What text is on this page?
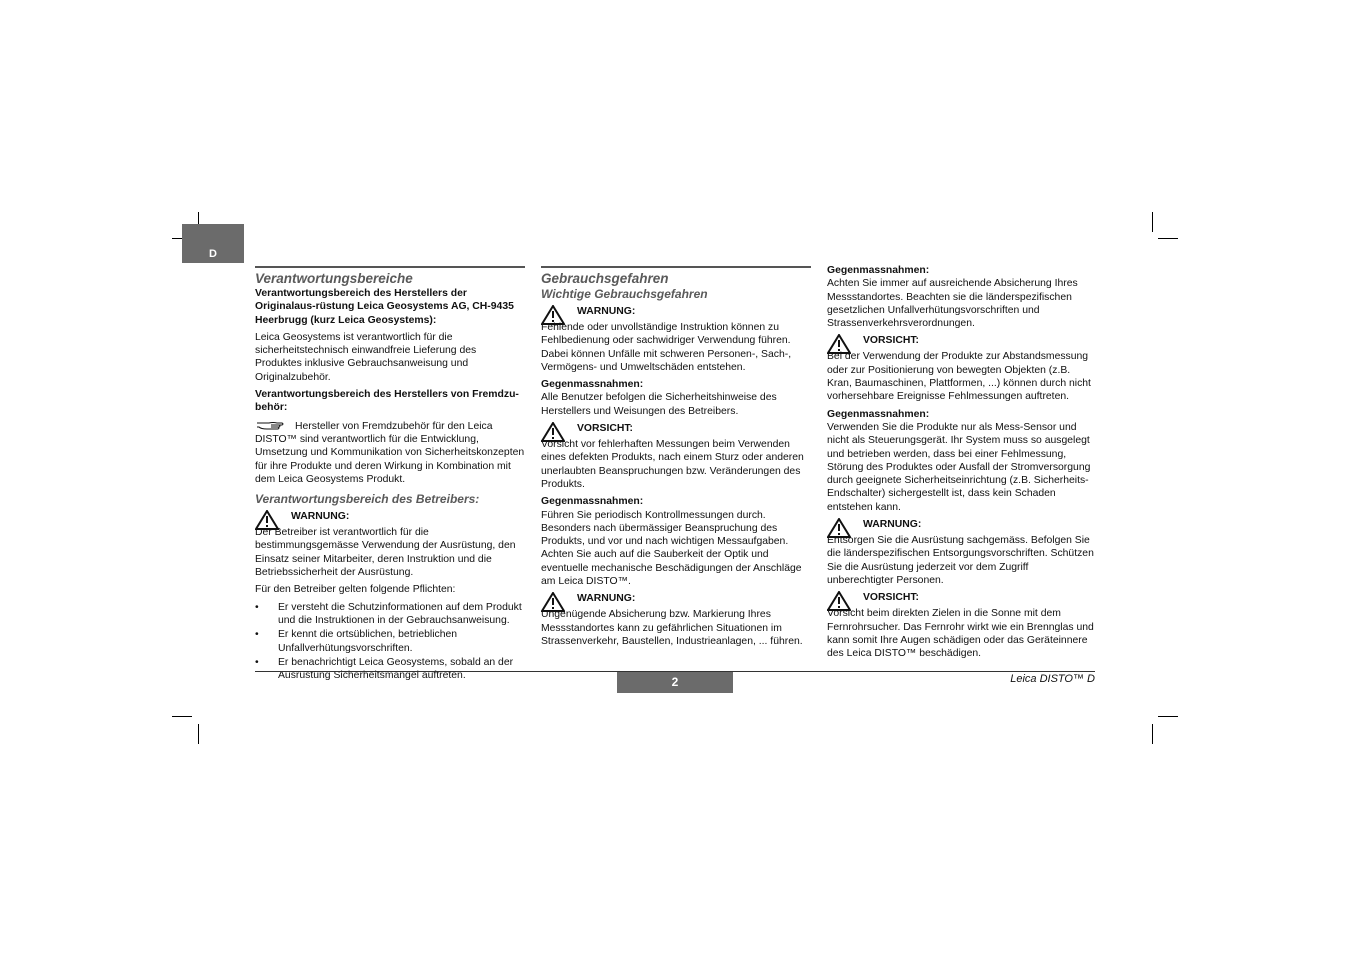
D
Verantwortungsbereiche

Verantwortungsbereich des Herstellers der Originalaus-rüstung Leica Geosystems AG, CH-9435 Heerbrugg (kurz Leica Geosystems):

Leica Geosystems ist verantwortlich für die sicherheitstechnisch einwandfreie Lieferung des Produktes inklusive Gebrauchsanweisung und Originalzubehör.

Verantwortungsbereich des Herstellers von Fremdzu-behör:

Hersteller von Fremdzubehör für den Leica DISTO™ sind verantwortlich für die Entwicklung, Umsetzung und Kommunikation von Sicherheitskonzepten für ihre Produkte und deren Wirkung in Kombination mit dem Leica Geosystems Produkt.

Verantwortungsbereich des Betreibers:
WARNUNG:
Der Betreiber ist verantwortlich für die bestimmungsgemässe Verwendung der Ausrüstung, den Einsatz seiner Mitarbeiter, deren Instruktion und die Betriebssicherheit der Ausrüstung.

Für den Betreiber gelten folgende Pflichten:

• Er versteht die Schutzinformationen auf dem Produkt und die Instruktionen in der Gebrauchsanweisung.
• Er kennt die ortsüblichen, betrieblichen Unfallverhütungsvorschriften.
• Er benachrichtigt Leica Geosystems, sobald an der Ausrüstung Sicherheitsmängel auftreten.
Gebrauchsgefahren
Wichtige Gebrauchsgefahren
WARNUNG:
Fehlende oder unvollständige Instruktion können zu Fehlbedienung oder sachwidriger Verwendung führen. Dabei können Unfälle mit schweren Personen-, Sach-, Vermögens- und Umweltschäden entstehen.

Gegenmassnahmen:

Alle Benutzer befolgen die Sicherheitshinweise des Herstellers und Weisungen des Betreibers.

VORSICHT:
Vorsicht vor fehlerhaften Messungen beim Verwenden eines defekten Produkts, nach einem Sturz oder anderen unerlaubten Beanspruchungen bzw. Veränderungen des Produkts.

Gegenmassnahmen:

Führen Sie periodisch Kontrollmessungen durch. Besonders nach übermässiger Beanspruchung des Produkts, und vor und nach wichtigen Messaufgaben.

Achten Sie auch auf die Sauberkeit der Optik und eventuelle mechanische Beschädigungen der Anschläge am Leica DISTO™.

WARNUNG:
Ungenügende Absicherung bzw. Markierung Ihres Messstandortes kann zu gefährlichen Situationen im Strassenverkehr, Baustellen, Industrieanlagen, ... führen.

Gegenmassnahmen:

Achten Sie immer auf ausreichende Absicherung Ihres Messstandortes. Beachten sie die länderspezifischen gesetzlichen Unfallverhütungsvorschriften und Strassenverkehrsverordnungen.

VORSICHT:
Bei der Verwendung der Produkte zur Abstandsmessung oder zur Positionierung von bewegten Objekten (z.B. Kran, Baumaschinen, Plattformen, ...) können durch nicht vorhersehbare Ereignisse Fehlmessungen auftreten.

Gegenmassnahmen:

Verwenden Sie die Produkte nur als Mess-Sensor und nicht als Steuerungsgerät. Ihr System muss so ausgelegt und betrieben werden, dass bei einer Fehlmessung, Störung des Produktes oder Ausfall der Stromversorgung durch geeignete Sicherheitseinrichtung (z.B. Sicherheits-Endschalter) sichergestellt ist, dass kein Schaden entstehen kann.

WARNUNG:
Entsorgen Sie die Ausrüstung sachgemäss. Befolgen Sie die länderspezifischen Entsorgungsvorschriften. Schützen Sie die Ausrüstung jederzeit vor dem Zugriff unberechtigter Personen.
VORSICHT:
Vorsicht beim direkten Zielen in die Sonne mit dem Fernrohrsucher. Das Fernrohr wirkt wie ein Brennglas und kann somit Ihre Augen schädigen oder das Geräteinnere des Leica DISTO™ beschädigen.
2	Leica DISTO™ D
